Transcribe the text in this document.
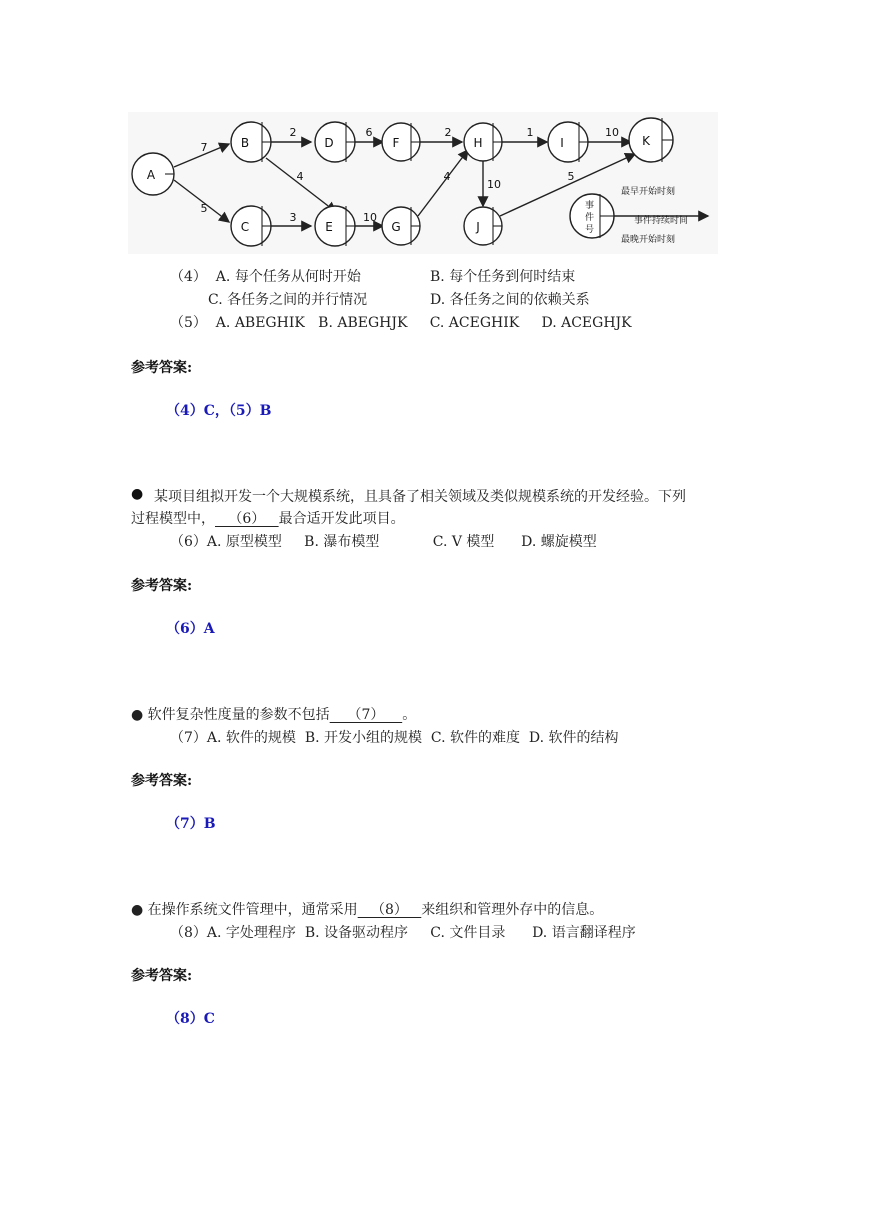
A
B
C
D
E
F
G
H
J
I	K
7
5
2
4
3
6
10
2
4
1
10
10
5
事
件
号
最早开始时刻
事件持续时间
最晚开始时刻
（4）  A. 每个任务从何时开始	B. 每个任务到何时结束
C. 各任务之间的并行情况	D. 各任务之间的依赖关系
（5）  A. ABEGHIK   B. ABEGHJK     C. ACEGHIK     D. ACEGHJK
参考答案:
（4）C，（5）B
● 某项目组拟开发一个大规模系统，且具备了相关领域及类似规模系统的开发经验。下列
过程模型中，   （6）   最合适开发此项目。
（6）A. 原型模型     B. 瀑布模型            C. V 模型      D. 螺旋模型
参考答案:
（6）A
● 软件复杂性度量的参数不包括    （7）    。
（7）A. 软件的规模  B. 开发小组的规模  C. 软件的难度  D. 软件的结构
参考答案:
（7）B
● 在操作系统文件管理中，通常采用   （8）   来组织和管理外存中的信息。
（8）A. 字处理程序  B. 设备驱动程序     C. 文件目录      D. 语言翻译程序
参考答案:
（8）C
